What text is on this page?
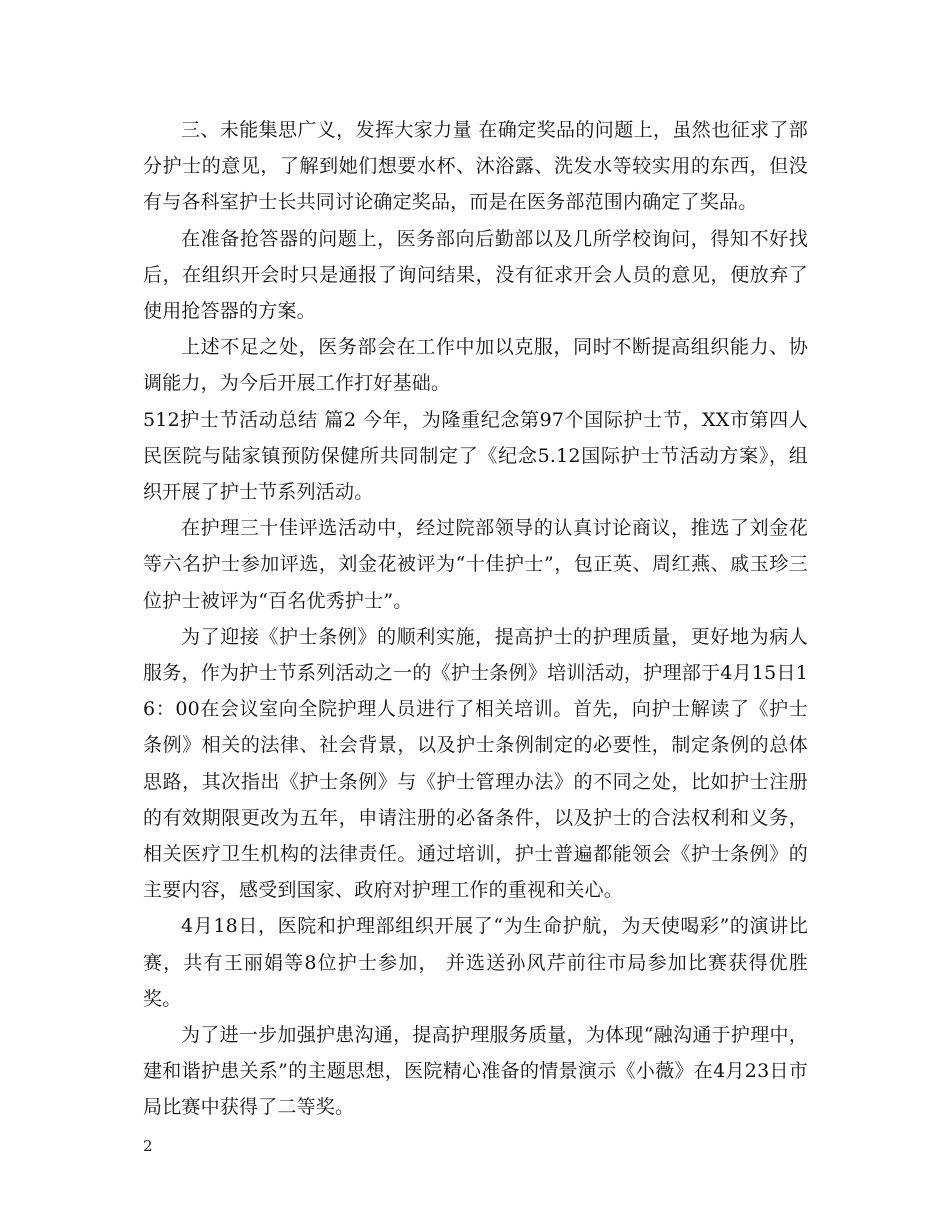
三、未能集思广义，发挥大家力量 在确定奖品的问题上，虽然也征求了部分护士的意见，了解到她们想要水杯、沐浴露、洗发水等较实用的东西，但没有与各科室护士长共同讨论确定奖品，而是在医务部范围内确定了奖品。

在准备抢答器的问题上，医务部向后勤部以及几所学校询问，得知不好找后，在组织开会时只是通报了询问结果，没有征求开会人员的意见，便放弃了使用抢答器的方案。

上述不足之处，医务部会在工作中加以克服，同时不断提高组织能力、协调能力，为今后开展工作打好基础。

512护士节活动总结 篇2 今年，为隆重纪念第97个国际护士节，XX市第四人民医院与陆家镇预防保健所共同制定了《纪念5.12国际护士节活动方案》，组织开展了护士节系列活动。

在护理三十佳评选活动中，经过院部领导的认真讨论商议，推选了刘金花等六名护士参加评选，刘金花被评为“十佳护士”，包正英、周红燕、戚玉珍三位护士被评为“百名优秀护士”。

为了迎接《护士条例》的顺利实施，提高护士的护理质量，更好地为病人服务，作为护士节系列活动之一的《护士条例》培训活动，护理部于4月15日16：00在会议室向全院护理人员进行了相关培训。首先，向护士解读了《护士条例》相关的法律、社会背景，以及护士条例制定的必要性，制定条例的总体思路，其次指出《护士条例》与《护士管理办法》的不同之处，比如护士注册的有效期限更改为五年，申请注册的必备条件，以及护士的合法权利和义务，相关医疗卫生机构的法律责任。通过培训，护士普遍都能领会《护士条例》的主要内容，感受到国家、政府对护理工作的重视和关心。

4月18日，医院和护理部组织开展了“为生命护航，为天使喝彩”的演讲比赛，共有王丽娟等8位护士参加， 并选送孙风芹前往市局参加比赛获得优胜奖。

为了进一步加强护患沟通，提高护理服务质量，为体现“融沟通于护理中，建和谐护患关系”的主题思想，医院精心准备的情景演示《小薇》在4月23日市局比赛中获得了二等奖。

2
